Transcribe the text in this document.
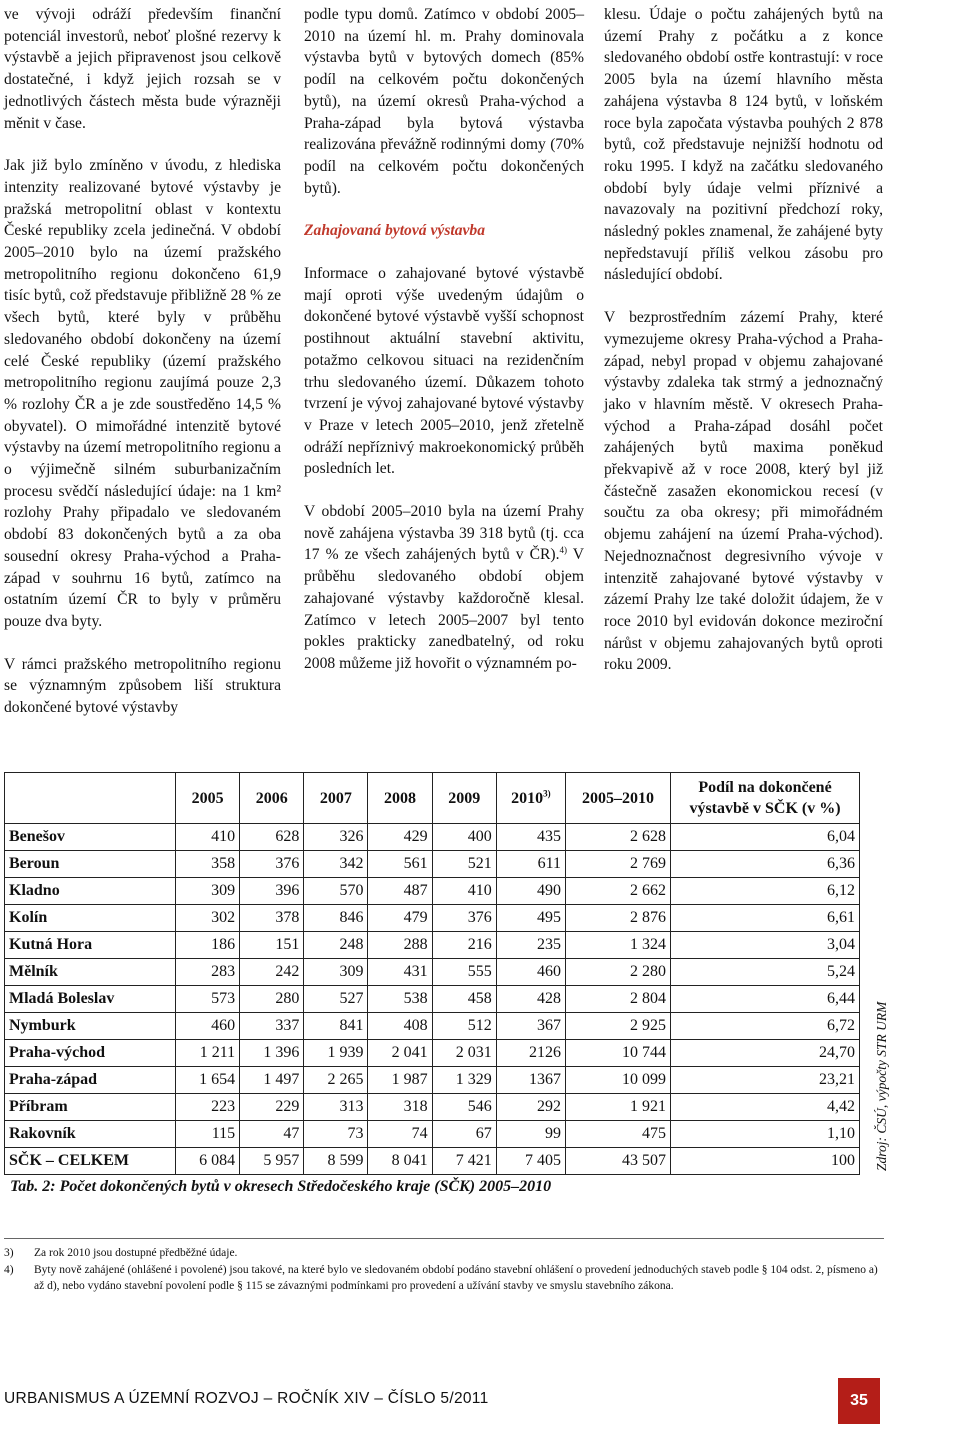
ve vývoji odráží především finanční potenciál investorů, neboť plošné rezervy k výstavbě a jejich připravenost jsou celkově dostatečné, i když jejich rozsah se v jednotlivých částech města bude výrazněji měnit v čase.

Jak již bylo zmíněno v úvodu, z hlediska intenzity realizované bytové výstavby je pražská metropolitní oblast v kontextu České republiky zcela jedinečná. V období 2005–2010 bylo na území pražského metropolitního regionu dokončeno 61,9 tisíc bytů, což představuje přibližně 28 % ze všech bytů, které byly v průběhu sledovaného období dokončeny na území celé České republiky (území pražského metropolitního regionu zaujímá pouze 2,3 % rozlohy ČR a je zde soustředěno 14,5 % obyvatel). O mimořádné intenzitě bytové výstavby na území metropolitního regionu a o výjimečně silném suburbanizačním procesu svědčí následující údaje: na 1 km² rozlohy Prahy připadalo ve sledovaném období 83 dokončených bytů a za oba sousední okresy Praha-východ a Praha-západ v souhrnu 16 bytů, zatímco na ostatním území ČR to byly v průměru pouze dva byty.

V rámci pražského metropolitního regionu se významným způsobem liší struktura dokončené bytové výstavby

podle typu domů. Zatímco v období 2005–2010 na území hl. m. Prahy dominovala výstavba bytů v bytových domech (85% podíl na celkovém počtu dokončených bytů), na území okresů Praha-východ a Praha-západ byla bytová výstavba realizována převážně rodinnými domy (70% podíl na celkovém počtu dokončených bytů).

Zahajovaná bytová výstavba

Informace o zahajované bytové výstavbě mají oproti výše uvedeným údajům o dokončené bytové výstavbě vyšší schopnost postihnout aktuální stavební aktivitu, potažmo celkovou situaci na rezidenčním trhu sledovaného území. Důkazem tohoto tvrzení je vývoj zahajované bytové výstavby v Praze v letech 2005–2010, jenž zřetelně odráží nepříznivý makroekonomický průběh posledních let.

V období 2005–2010 byla na území Prahy nově zahájena výstavba 39 318 bytů (tj. cca 17 % ze všech zahájených bytů v ČR).$^{4)}$ V průběhu sledovaného období objem zahajované výstavby každoročně klesal. Zatímco v letech 2005–2007 byl tento pokles prakticky zanedbatelný, od roku 2008 můžeme již hovořit o významném po-

klesu. Údaje o počtu zahájených bytů na území Prahy z počátku a z konce sledovaného období ostře kontrastují: v roce 2005 byla na území hlavního města zahájena výstavba 8 124 bytů, v loňském roce byla započata výstavba pouhých 2 878 bytů, což představuje nejnižší hodnotu od roku 1995. I když na začátku sledovaného období byly údaje velmi příznivé a navazovaly na pozitivní předchozí roky, následný pokles znamenal, že zahájené byty nepředstavují příliš velkou zásobu pro následující období.

V bezprostředním zázemí Prahy, které vymezujeme okresy Praha-východ a Praha-západ, nebyl propad v objemu zahajované výstavby zdaleka tak strmý a jednoznačný jako v hlavním městě. V okresech Praha-východ a Praha-západ dosáhl počet zahájených bytů maxima poněkud překvapivě až v roce 2008, který byl již částečně zasažen ekonomickou recesí (v součtu za oba okresy; při mimořádném objemu zahájení na území Praha-východ). Nejednoznačnost degresivního vývoje v intenzitě zahajované bytové výstavby v zázemí Prahy lze také doložit údajem, že v roce 2010 byl evidován dokonce meziroční nárůst v objemu zahajovaných bytů oproti roku 2009.

	2005	2006	2007	2008	2009	2010$^{3)}$	2005–2010	Podíl na dokončené výstavbě v SČK (v %)
Benešov	410	628	326	429	400	435	2 628	6,04
Beroun	358	376	342	561	521	611	2 769	6,36
Kladno	309	396	570	487	410	490	2 662	6,12
Kolín	302	378	846	479	376	495	2 876	6,61
Kutná Hora	186	151	248	288	216	235	1 324	3,04
Mělník	283	242	309	431	555	460	2 280	5,24
Mladá Boleslav	573	280	527	538	458	428	2 804	6,44
Nymburk	460	337	841	408	512	367	2 925	6,72
Praha-východ	1 211	1 396	1 939	2 041	2 031	2126	10 744	24,70
Praha-západ	1 654	1 497	2 265	1 987	1 329	1367	10 099	23,21
Příbram	223	229	313	318	546	292	1 921	4,42
Rakovník	115	47	73	74	67	99	475	1,10
SČK – CELKEM	6 084	5 957	8 599	8 041	7 421	7 405	43 507	100 Zdroj: ČSÚ, výpočty STR URM
Tab. 2: Počet dokončených bytů v okresech Středočeského kraje (SČK) 2005–2010
3)	Za rok 2010 jsou dostupné předběžné údaje.
4)	Byty nově zahájené (ohlášené i povolené) jsou takové, na které bylo ve sledovaném období podáno stavební ohlášení o provedení jednoduchých staveb podle § 104 odst. 2, písmeno a) až d), nebo vydáno stavební povolení podle § 115 se závaznými podmínkami pro provedení a užívání stavby ve smyslu stavebního zákona.
URBANISMUS A ÚZEMNÍ ROZVOJ – ROČNÍK XIV – ČÍSLO 5/2011	35
